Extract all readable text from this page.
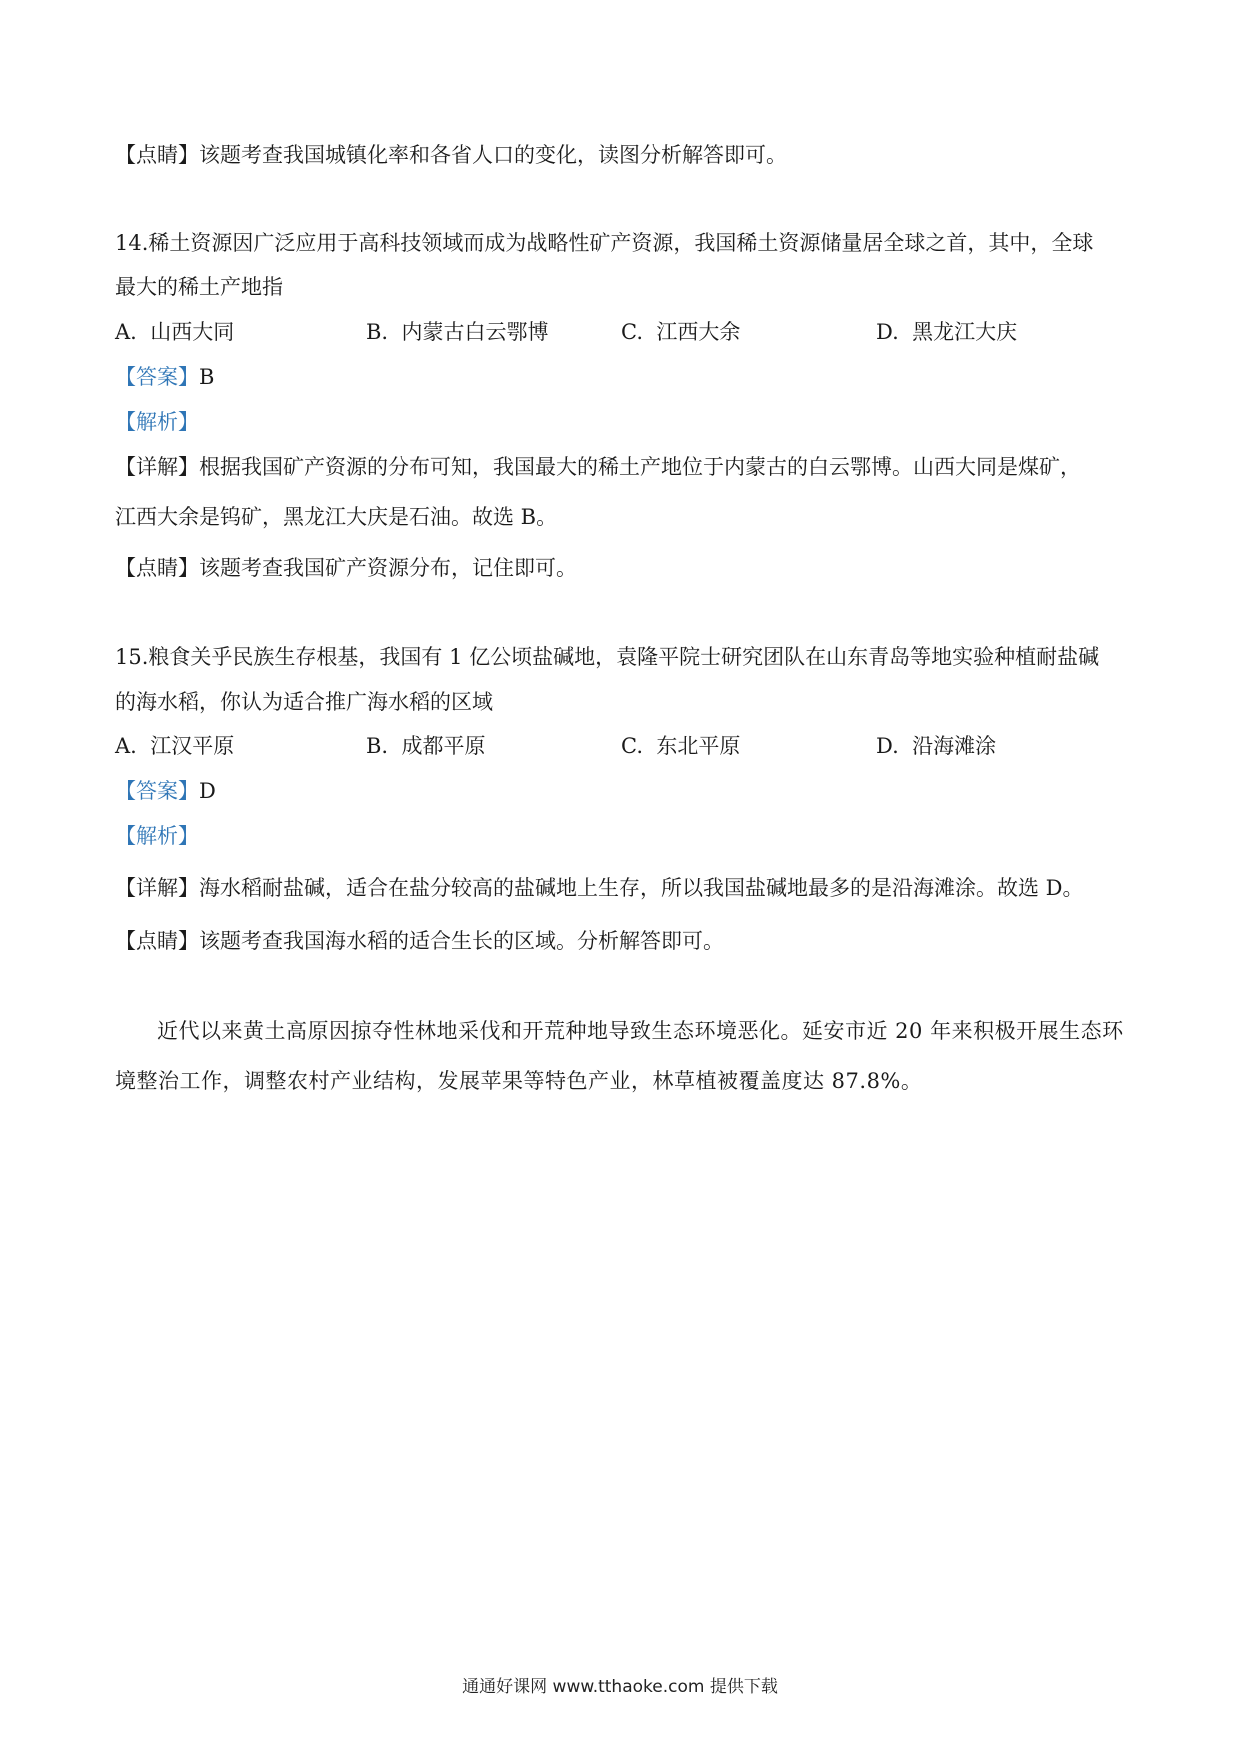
【点睛】该题考查我国城镇化率和各省人口的变化，读图分析解答即可。

14.稀土资源因广泛应用于高科技领域而成为战略性矿产资源，我国稀土资源储量居全球之首，其中，全球

最大的稀土产地指

A. 山西大同	B. 内蒙古白云鄂博	C. 江西大余	D. 黑龙江大庆

【答案】B

【解析】

【详解】根据我国矿产资源的分布可知，我国最大的稀土产地位于内蒙古的白云鄂博。山西大同是煤矿，

江西大余是钨矿，黑龙江大庆是石油。故选 B。

【点睛】该题考查我国矿产资源分布，记住即可。

15.粮食关乎民族生存根基，我国有 1 亿公顷盐碱地，袁隆平院士研究团队在山东青岛等地实验种植耐盐碱

的海水稻，你认为适合推广海水稻的区域

A. 江汉平原	B. 成都平原	C. 东北平原	D. 沿海滩涂

【答案】D

【解析】

【详解】海水稻耐盐碱，适合在盐分较高的盐碱地上生存，所以我国盐碱地最多的是沿海滩涂。故选 D。

【点睛】该题考查我国海水稻的适合生长的区域。分析解答即可。

近代以来黄土高原因掠夺性林地采伐和开荒种地导致生态环境恶化。延安市近 20 年来积极开展生态环

境整治工作，调整农村产业结构，发展苹果等特色产业，林草植被覆盖度达 87.8%。

通通好课网 www.tthaoke.com 提供下载
